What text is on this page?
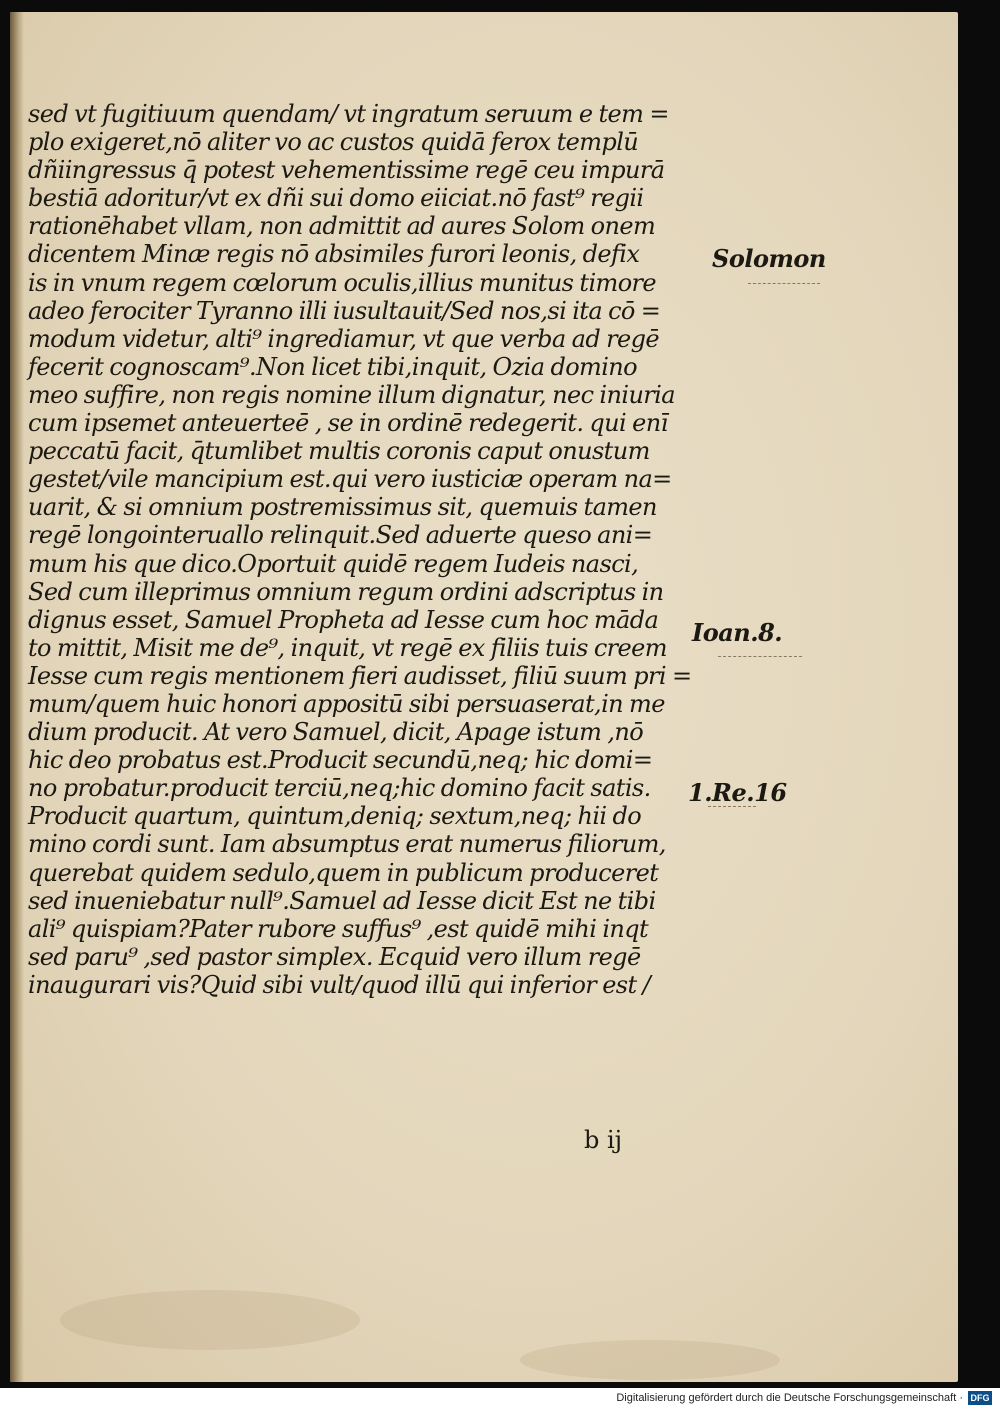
sed vt fugitiuum quendam/ vt ingratum seruum e tem =
plo exigeret,nō aliter vo ac custos quidā ferox templū
dñiingressus q̄ potest vehementissime regē ceu impurā
bestiā adoritur/vt ex dñi sui domo eiiciat.nō fast⁹ regii
rationēhabet vllam, non admittit ad aures Solom onem
dicentem Minæ regis nō absimiles furori leonis, defix
is in vnum regem cœlorum oculis,illius munitus timore
adeo ferociter Tyranno illi iusultauit/Sed nos,si ita cō =
modum videtur, alti⁹ ingrediamur, vt que verba ad regē
fecerit cognoscam⁹.Non licet tibi,inquit, Ozia domino
meo suffire, non regis nomine illum dignatur, nec iniuria
cum ipsemet anteuerteē , se in ordinē redegerit. qui enī
peccatū facit, q̄tumlibet multis coronis caput onustum
gestet/vile mancipium est.qui vero iusticiæ operam na=
uarit, & si omnium postremissimus sit, quemuis tamen
regē longointeruallo relinquit.Sed aduerte queso ani=
mum his que dico.Oportuit quidē regem Iudeis nasci,
Sed cum illeprimus omnium regum ordini adscriptus in
dignus esset, Samuel Propheta ad Iesse cum hoc māda
to mittit, Misit me de⁹, inquit, vt regē ex filiis tuis creem
Iesse cum regis mentionem fieri audisset, filiū suum pri =
mum/quem huic honori appositū sibi persuaserat,in me
dium producit. At vero Samuel, dicit, Apage istum ,nō
hic deo probatus est.Producit secundū,neq; hic domi=
no probatur.producit terciū,neq;hic domino facit satis.
Producit quartum, quintum,deniq; sextum,neq; hii do
mino cordi sunt. Iam absumptus erat numerus filiorum,
querebat quidem sedulo,quem in publicum produceret
sed inueniebatur null⁹.Samuel ad Iesse dicit Est ne tibi
ali⁹ quispiam?Pater rubore suffus⁹ ,est quidē mihi inqt
sed paru⁹ ,sed pastor simplex. Ecquid vero illum regē
inaugurari vis?Quid sibi vult/quod illū qui inferior est /
Solomon
Ioan.8.
1.Re.16
b ij
Digitalisierung gefördert durch die Deutsche Forschungsgemeinschaft · DFG
